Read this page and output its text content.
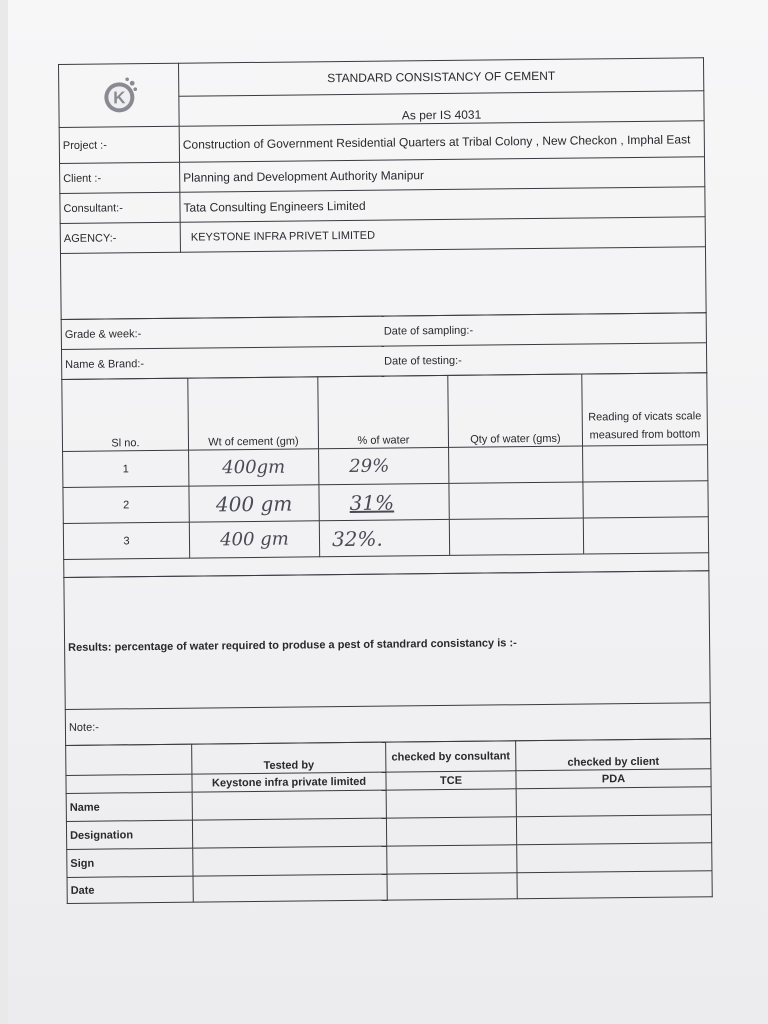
K	STANDARD CONSISTANCY OF CEMENT
	As per IS 4031
Project :-	Construction of Government Residential Quarters at Tribal Colony , New Checkon , Imphal East
Client :-	Planning and Development Authority Manipur
Consultant:-	Tata Consulting Engineers Limited
AGENCY:-	KEYSTONE INFRA PRIVET LIMITED

Grade & week:-	Date of sampling:-
Name & Brand:-	Date of testing:-
Sl no.	Wt of cement (gm)	% of water	Qty of water (gms)	Reading of vicats scale measured from bottom
1	400gm	29%		
2	400 gm	31%		
3	400 gm	32%.		

Results: percentage of water required to produse a pest of standrard consistancy is :-
Note:-
	Tested by	checked by consultant	checked by client
	Keystone infra private limited	TCE	PDA
Name			
Designation			
Sign			
Date			
